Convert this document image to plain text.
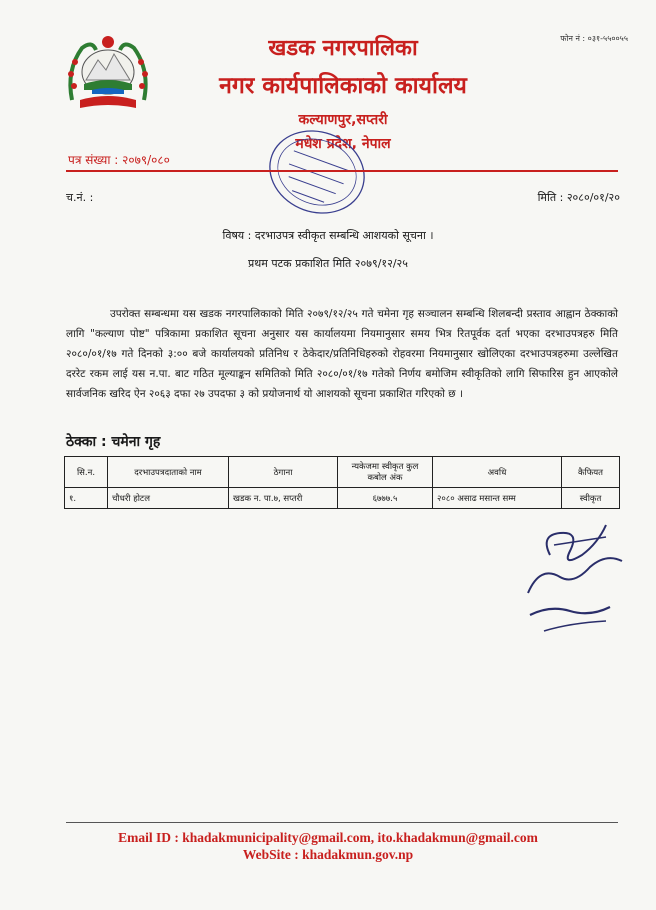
खडक नगरपालिका
नगर कार्यपालिकाको कार्यालय
कल्याणपुर,सप्तरी
मधेश प्रदेश, नेपाल
फोन नं : ०३१-५५००५५
पत्र संख्या : २०७९/०८०
च.नं. :	मिति : २०८०/०१/२०
विषय : दरभाउपत्र स्वीकृत सम्बन्धि आशयको सूचना ।
प्रथम पटक प्रकाशित मिति २०७९/१२/२५
उपरोक्त सम्बन्धमा यस खडक नगरपालिकाको मिति २०७९/१२/२५ गते चमेना गृह सञ्चालन सम्बन्धि शिलबन्दी प्रस्ताव आह्वान ठेक्काको लागि "कल्याण पोष्ट" पत्रिकामा प्रकाशित सूचना अनुसार यस कार्यालयमा नियमानुसार समय भित्र रितपूर्वक दर्ता भएका दरभाउपत्रहरु मिति २०८०/०१/१७ गते दिनको ३:०० बजे कार्यालयको प्रतिनिध र ठेकेदार/प्रतिनिधिहरुको रोहवरमा नियमानुसार खोलिएका दरभाउपत्रहरुमा उल्लेखित दररेट रकम लाई यस न.पा. बाट गठित मूल्याङ्कन समितिको मिति २०८०/०१/१७ गतेको निर्णय बमोजिम स्वीकृतिको लागि सिफारिस हुन आएकोले सार्वजनिक खरिद ऐन २०६३ दफा २७ उपदफा ३ को प्रयोजनार्थ यो आशयको सूचना प्रकाशित गरिएको छ ।
ठेक्का : चमेना गृह
सि.न.	दरभाउपत्रदाताको नाम	ठेगाना	न्यकेजमा स्वीकृत कुल कबोल अंक	अवधि	कैफियत
१.	चौधरी होटल	खडक न. पा.७, सप्तरी	६७७७.५	२०८० असाढ मसान्त सम्म	स्वीकृत
Email ID : khadakmunicipality@gmail.com, ito.khadakmun@gmail.com
WebSite : khadakmun.gov.np
